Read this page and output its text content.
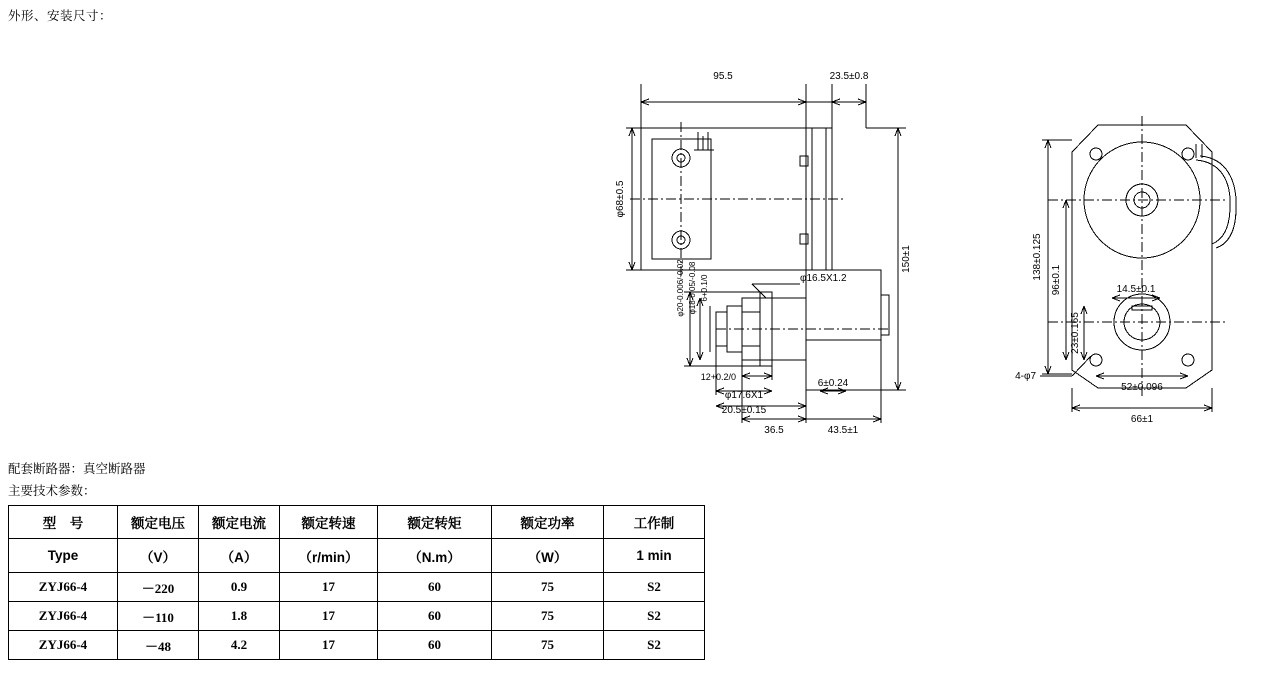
外形、安装尺寸：
95.5	23.5±0.8
φ68±0.5
150±1
φ20-0.006/-0.02 φ18-0.05/-0.08 6+0.1/0	φ16.5X1.2
12+0.2/0
φ17.6X1
20.5±0.15
6±0.24
36.5	43.5±1
138±0.125 96±0.1
23±0.165
14.5±0.1
4-φ7
52±0.096
66±1
配套断路器：真空断路器
主要技术参数：
型　号	额定电压	额定电流	额定转速	额定转矩	额定功率	工作制
Type	（V）	（A）	（r/min）	（N.m）	（W）	1 min
ZYJ66-4	－220	0.9	17	60	75	S2
ZYJ66-4	－110	1.8	17	60	75	S2
ZYJ66-4	－48	4.2	17	60	75	S2
